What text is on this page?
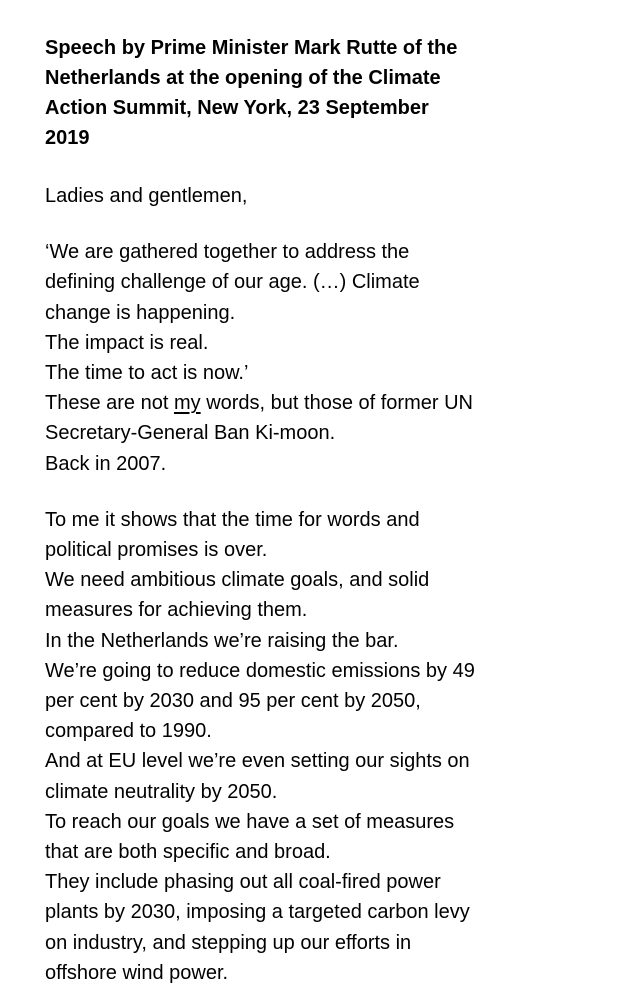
Speech by Prime Minister Mark Rutte of the
Netherlands at the opening of the Climate
Action Summit, New York, 23 September
2019

Ladies and gentlemen,

‘We are gathered together to address the
defining challenge of our age. (…) Climate
change is happening.
The impact is real.
The time to act is now.’
These are not my words, but those of former UN
Secretary-General Ban Ki-moon.
Back in 2007.

To me it shows that the time for words and
political promises is over.
We need ambitious climate goals, and solid
measures for achieving them.
In the Netherlands we’re raising the bar.
We’re going to reduce domestic emissions by 49
per cent by 2030 and 95 per cent by 2050,
compared to 1990.
And at EU level we’re even setting our sights on
climate neutrality by 2050.
To reach our goals we have a set of measures
that are both specific and broad.
They include phasing out all coal-fired power
plants by 2030, imposing a targeted carbon levy
on industry, and stepping up our efforts in
offshore wind power.
